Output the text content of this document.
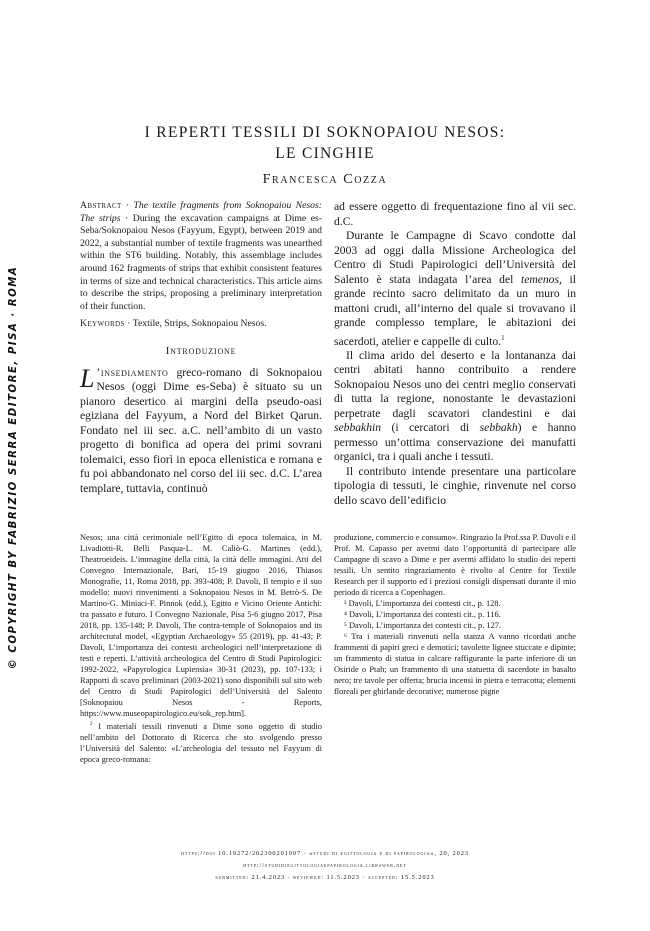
© COPYRIGHT BY FABRIZIO SERRA EDITORE, PISA · ROMA
I REPERTI TESSILI DI SOKNOPAIOU NESOS:
LE CINGHIE
Francesca Cozza

Abstract · The textile fragments from Soknopaiou Nesos: The strips · During the excavation campaigns at Dime es-Seba/Soknopaiou Nesos (Fayyum, Egypt), between 2019 and 2022, a substantial number of textile fragments was unearthed within the ST6 building. Notably, this assemblage includes around 162 fragments of strips that exhibit consistent features in terms of size and technical characteristics. This article aims to describe the strips, proposing a preliminary interpretation of their function.

Keywords · Textile, Strips, Soknopaiou Nesos.

Introduzione

L ’insediamento greco-romano di Soknopaiou Nesos (oggi Dime es-Seba) è situato su un pianoro desertico ai margini della pseudo-oasi egiziana del Fayyum, a Nord del Birket Qarun. Fondato nel iii sec. a.C. nell’ambito di un vasto progetto di bonifica ad opera dei primi sovrani tolemaici, esso fiorì in epoca ellenistica e romana e fu poi abbandonato nel corso del iii sec. d.C. L’area templare, tuttavia, continuò

ad essere oggetto di frequentazione fino al vii sec. d.C.

Durante le Campagne di Scavo condotte dal 2003 ad oggi dalla Missione Archeologica del Centro di Studi Papirologici dell’Università del Salento è stata indagata l’area del temenos, il grande recinto sacro delimitato da un muro in mattoni crudi, all’interno del quale si trovavano il grande complesso templare, le abitazioni dei sacerdoti, atelier e cappelle di culto.$^1$

Il clima arido del deserto e la lontananza dai centri abitati hanno contribuito a rendere Soknopaiou Nesos uno dei centri meglio conservati di tutta la regione, nonostante le devastazioni perpetrate dagli scavatori clandestini e dai sebbakhin (i cercatori di sebbakh) e hanno permesso un’ottima conservazione dei manufatti organici, tra i quali anche i tessuti.

Il contributo intende presentare una particolare tipologia di tessuti, le cinghie, rinvenute nel corso dello scavo dell’edificio

Nesos; una città cerimoniale nell’Egitto di epoca tolemaica, in M. Livadiotti-R. Belli Pasqua-L. M. Caliò-G. Martines (edd.), Theatroeideis. L’immagine della città, la città delle immagini. Atti del Convegno Internazionale, Bari, 15-19 giugno 2016, Thiasos Monografie, 11, Roma 2018, pp. 393-408; P. Davoli, Il tempio e il suo modello: nuovi rinvenimenti a Soknopaiou Nesos in M. Betrò-S. De Martino-G. Miniaci-F. Pinnok (edd.), Egitto e Vicino Oriente Antichi: tra passato e futuro. I Convegno Nazionale, Pisa 5-6 giugno 2017, Pisa 2018, pp. 135-148; P. Davoli, The contra-temple of Soknopaios and its architectural model, «Egyptian Archaeology» 55 (2019), pp. 41-43; P. Davoli, L’importanza dei contesti archeologici nell’interpretazione di testi e reperti. L’attività archeologica del Centro di Studi Papirologici: 1992-2022, «Papyrologica Lupiensia» 30-31 (2023), pp. 107-133; i Rapporti di scavo preliminari (2003-2021) sono disponibili sul sito web del Centro di Studi Papirologici dell’Università del Salento [Soknopaiou Nesos - Reports, https://www.museopapirologico.eu/sok_rep.htm].

$^2$ I materiali tessili rinvenuti a Dime sono oggetto di studio nell’ambito del Dottorato di Ricerca che sto svolgendo presso l’Università del Salento: «L’archeologia del tessuto nel Fayyum di epoca greco-romana:

produzione, commercio e consumo». Ringrazio la Prof.ssa P. Davoli e il Prof. M. Capasso per avermi dato l’opportunità di partecipare alle Campagne di scavo a Dime e per avermi affidato lo studio dei reperti tessili. Un sentito ringraziamento è rivolto al Centre for Textile Research per il supporto ed i preziosi consigli dispensati durante il mio periodo di ricerca a Copenhagen.

³ Davoli, L’importanza dei contesti cit., p. 128.

⁴ Davoli, L’importanza dei contesti cit., p. 116.

⁵ Davoli, L’importanza dei contesti cit., p. 127.

⁶ Tra i materiali rinvenuti nella stanza A vanno ricordati anche frammenti di papiri greci e demotici; tavolette lignee stuccate e dipinte; un frammento di statua in calcare raffigurante la parte inferiore di un Osiride o Ptah; un frammento di una statuetta di sacerdote in basalto nero; tre tavole per offerta; brucia incensi in pietra e terracotta; elementi floreali per ghirlande decorative; numerose pigne

https://doi 10.19272/202300201007 · «studi di egittologia e di papirologia», 20, 2023
http://studidiegittologiaepapirologia.libraweb.net
submitted: 21.4.2023 · reviewed: 11.5.2023 · accepted: 15.5.2023
